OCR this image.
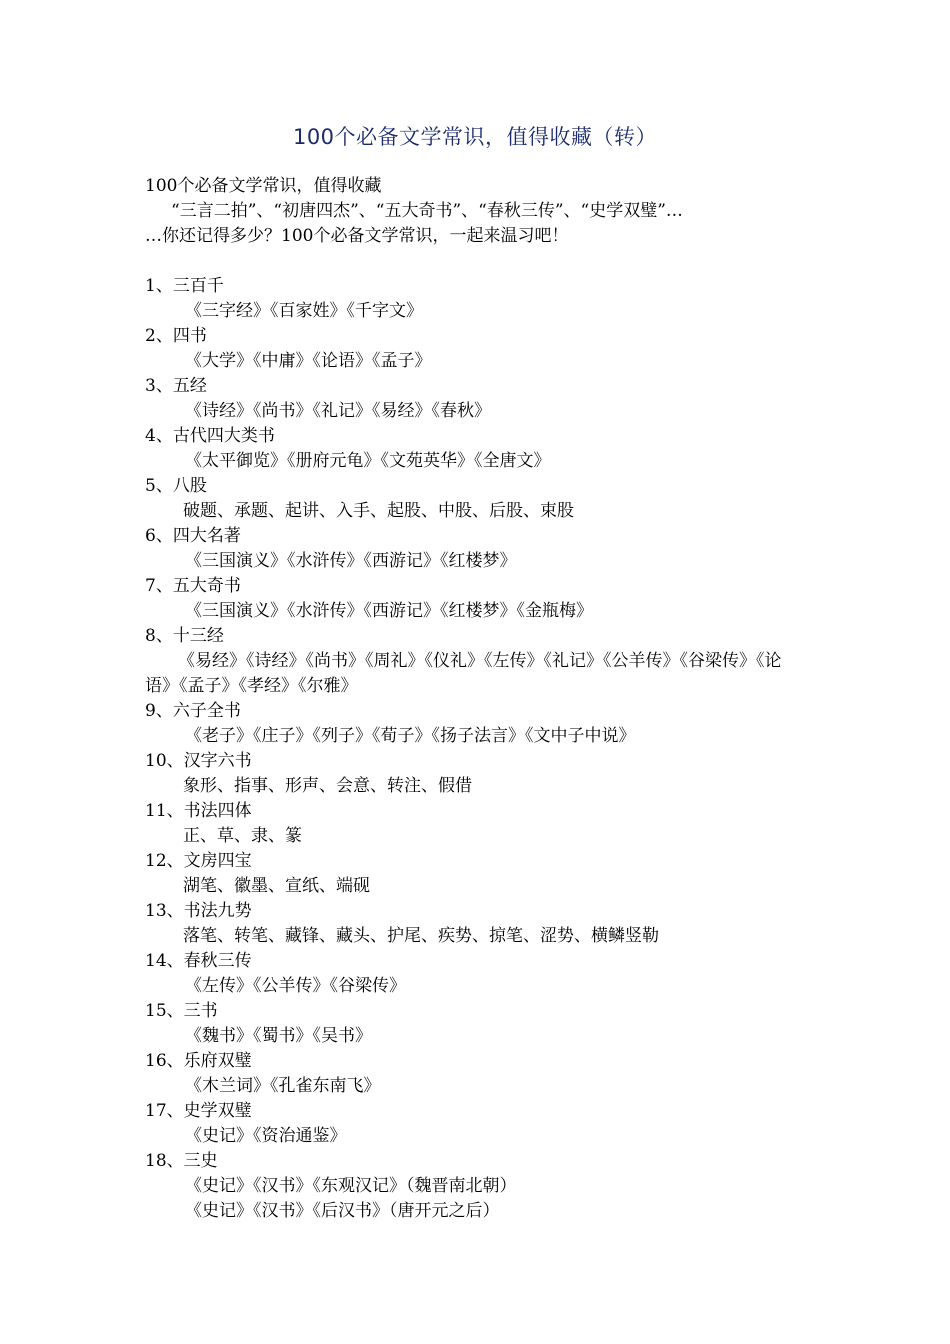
100个必备文学常识，值得收藏（转）
100个必备文学常识，值得收藏
“三言二拍”、“初唐四杰”、“五大奇书”、“春秋三传”、“史学双璧”…
…你还记得多少？100个必备文学常识，一起来温习吧！
1、三百千
《三字经》《百家姓》《千字文》
2、四书
《大学》《中庸》《论语》《孟子》
3、五经
《诗经》《尚书》《礼记》《易经》《春秋》
4、古代四大类书
《太平御览》《册府元龟》《文苑英华》《全唐文》
5、八股
破题、承题、起讲、入手、起股、中股、后股、束股
6、四大名著
《三国演义》《水浒传》《西游记》《红楼梦》
7、五大奇书
《三国演义》《水浒传》《西游记》《红楼梦》《金瓶梅》
8、十三经
《易经》《诗经》《尚书》《周礼》《仪礼》《左传》《礼记》《公羊传》《谷梁传》《论
语》《孟子》《孝经》《尔雅》
9、六子全书
《老子》《庄子》《列子》《荀子》《扬子法言》《文中子中说》
10、汉字六书
象形、指事、形声、会意、转注、假借
11、书法四体
正、草、隶、篆
12、文房四宝
湖笔、徽墨、宣纸、端砚
13、书法九势
落笔、转笔、藏锋、藏头、护尾、疾势、掠笔、涩势、横鳞竖勒
14、春秋三传
《左传》《公羊传》《谷梁传》
15、三书
《魏书》《蜀书》《吴书》
16、乐府双璧
《木兰词》《孔雀东南飞》
17、史学双璧
《史记》《资治通鉴》
18、三史
《史记》《汉书》《东观汉记》（魏晋南北朝）
《史记》《汉书》《后汉书》（唐开元之后）
